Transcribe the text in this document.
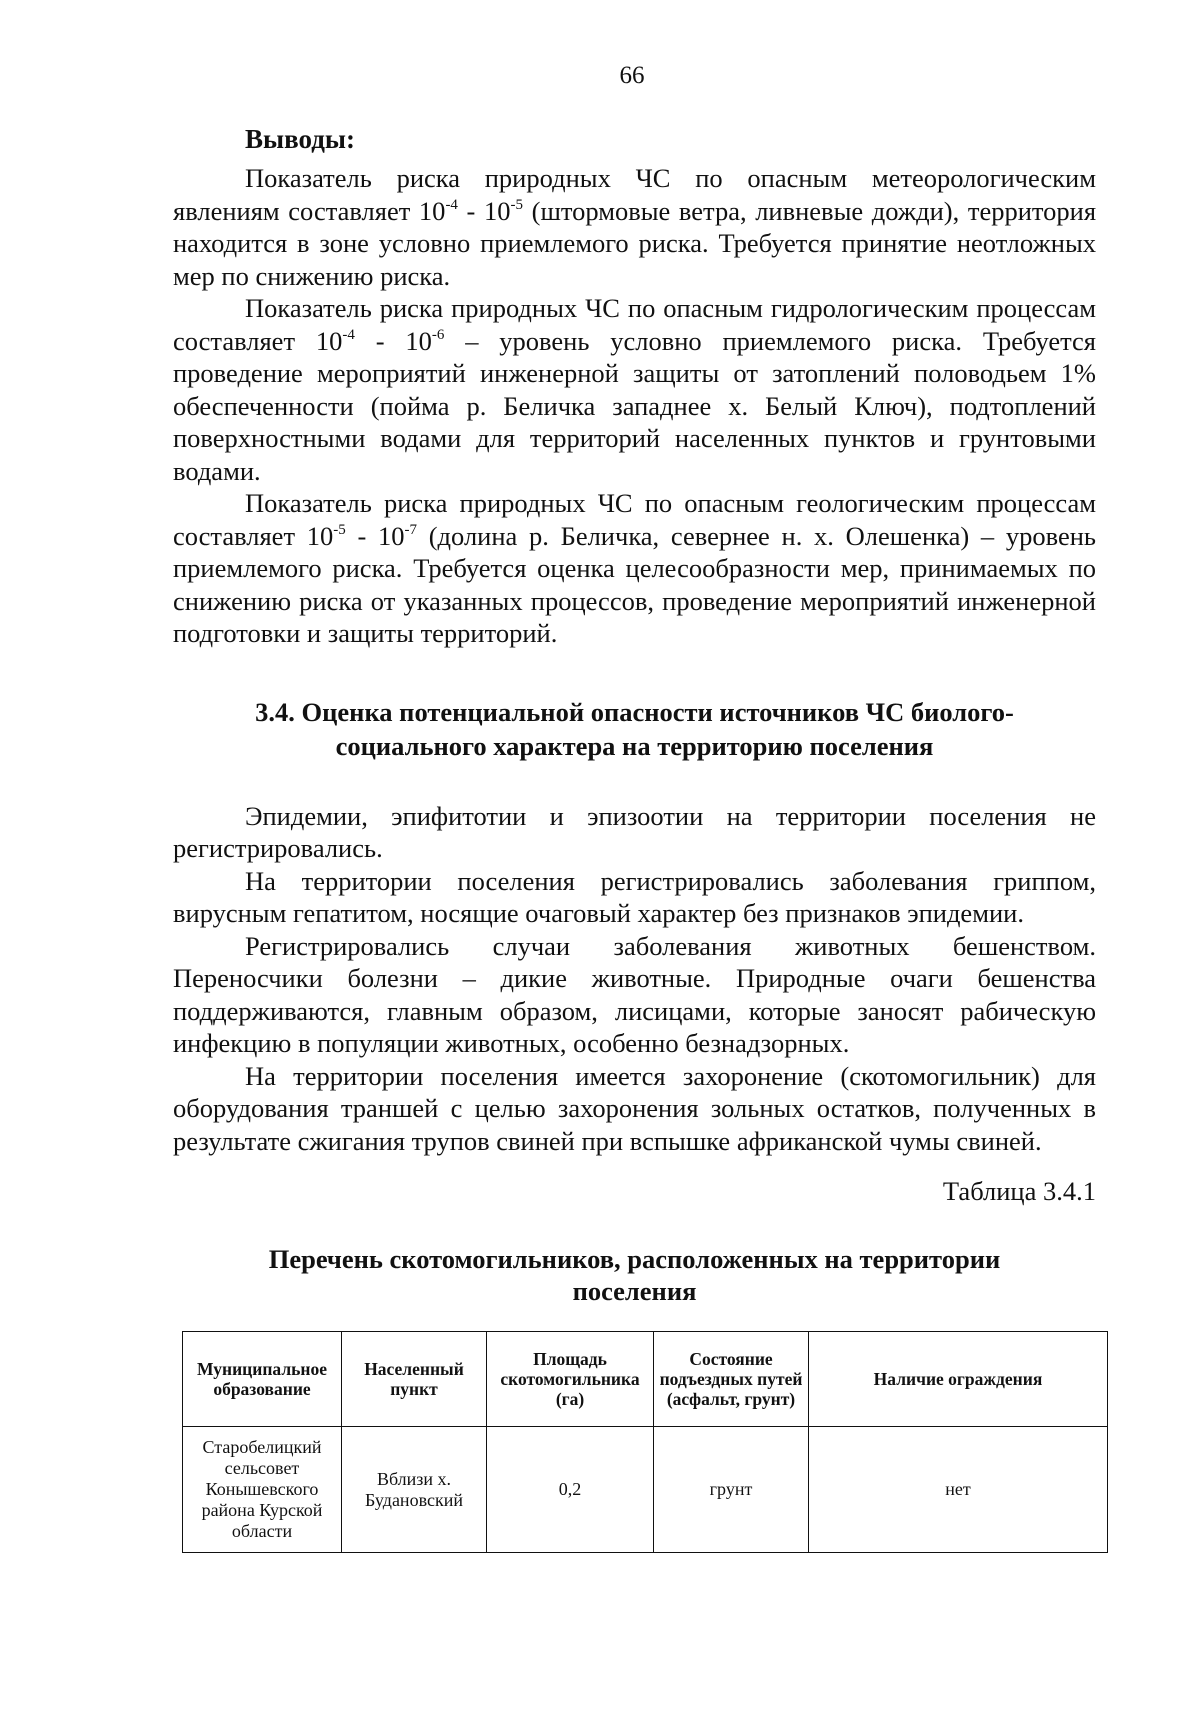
66
Выводы:

Показатель риска природных ЧС по опасным метеорологическим явлениям составляет $10^{-4} - 10^{-5}$ (штормовые ветра, ливневые дожди), территория находится в зоне условно приемлемого риска. Требуется принятие неотложных мер по снижению риска.

Показатель риска природных ЧС по опасным гидрологическим процессам составляет $10^{-4} - 10^{-6}$ – уровень условно приемлемого риска. Требуется проведение мероприятий инженерной защиты от затоплений половодьем 1% обеспеченности (пойма р. Беличка западнее х. Белый Ключ), подтоплений поверхностными водами для территорий населенных пунктов и грунтовыми водами.

Показатель риска природных ЧС по опасным геологическим процессам составляет $10^{-5} - 10^{-7}$ (долина р. Беличка, севернее н. х. Олешенка) – уровень приемлемого риска. Требуется оценка целесообразности мер, принимаемых по снижению риска от указанных процессов, проведение мероприятий инженерной подготовки и защиты территорий.

3.4. Оценка потенциальной опасности источников ЧС биолого-
социального характера на территорию поселения

Эпидемии, эпифитотии и эпизоотии на территории поселения не регистрировались.

На территории поселения регистрировались заболевания гриппом, вирусным гепатитом, носящие очаговый характер без признаков эпидемии.

Регистрировались случаи заболевания животных бешенством. Переносчики болезни – дикие животные. Природные очаги бешенства поддерживаются, главным образом, лисицами, которые заносят рабическую инфекцию в популяции животных, особенно безнадзорных.

На территории поселения имеется захоронение (скотомогильник) для оборудования траншей с целью захоронения зольных остатков, полученных в результате сжигания трупов свиней при вспышке африканской чумы свиней.

Таблица 3.4.1
Перечень скотомогильников, расположенных на территории
поселения
Муниципальное образование	Населенный пункт	Площадь скотомогильника (га)	Состояние подъездных путей (асфальт, грунт)	Наличие ограждения
Старобелицкий сельсовет Конышевского района Курской области	Вблизи х. Будановский	0,2	грунт	нет
